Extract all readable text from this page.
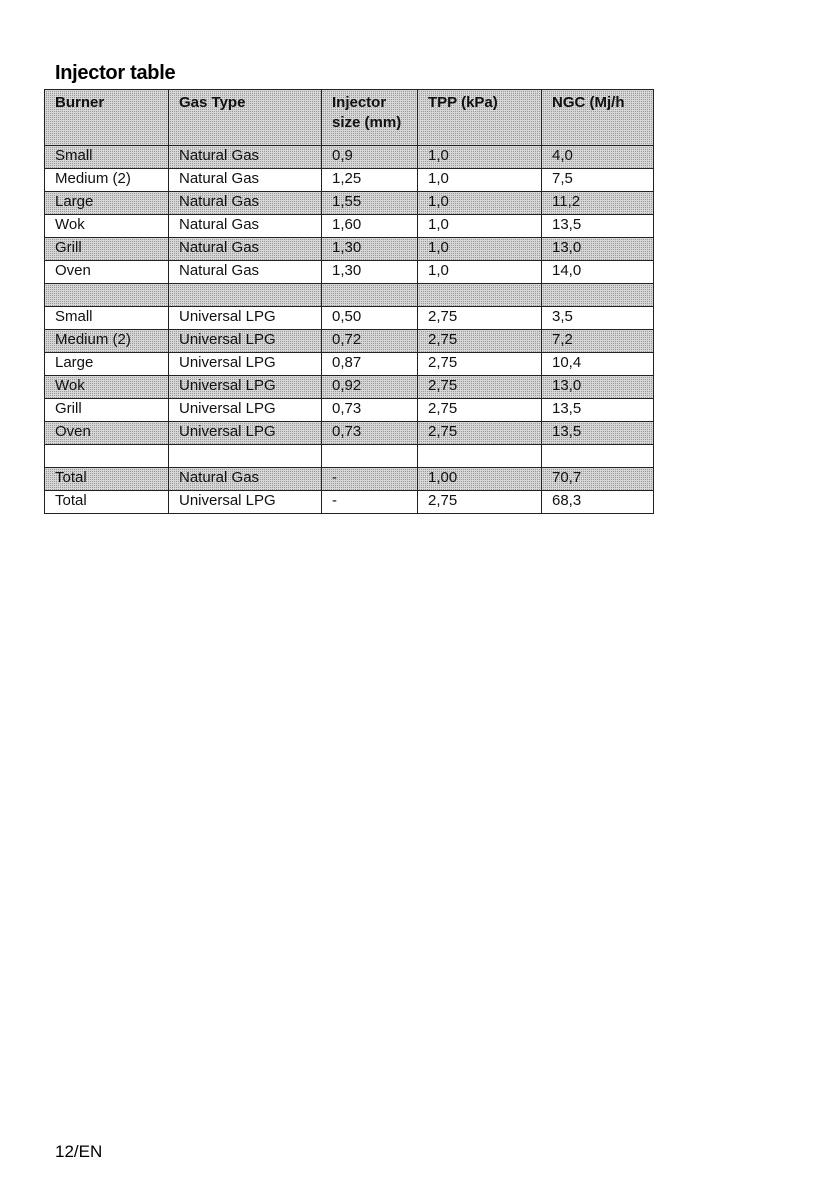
Injector table
Burner	Gas Type	Injector size (mm)	TPP (kPa)	NGC (Mj/h
Small	Natural Gas	0,9	1,0	4,0
Medium (2)	Natural Gas	1,25	1,0	7,5
Large	Natural Gas	1,55	1,0	11,2
Wok	Natural Gas	1,60	1,0	13,5
Grill	Natural Gas	1,30	1,0	13,0
Oven	Natural Gas	1,30	1,0	14,0

Small	Universal LPG	0,50	2,75	3,5
Medium (2)	Universal LPG	0,72	2,75	7,2
Large	Universal LPG	0,87	2,75	10,4
Wok	Universal LPG	0,92	2,75	13,0
Grill	Universal LPG	0,73	2,75	13,5
Oven	Universal LPG	0,73	2,75	13,5

Total	Natural Gas	-	1,00	70,7
Total	Universal LPG	-	2,75	68,3
12/EN
